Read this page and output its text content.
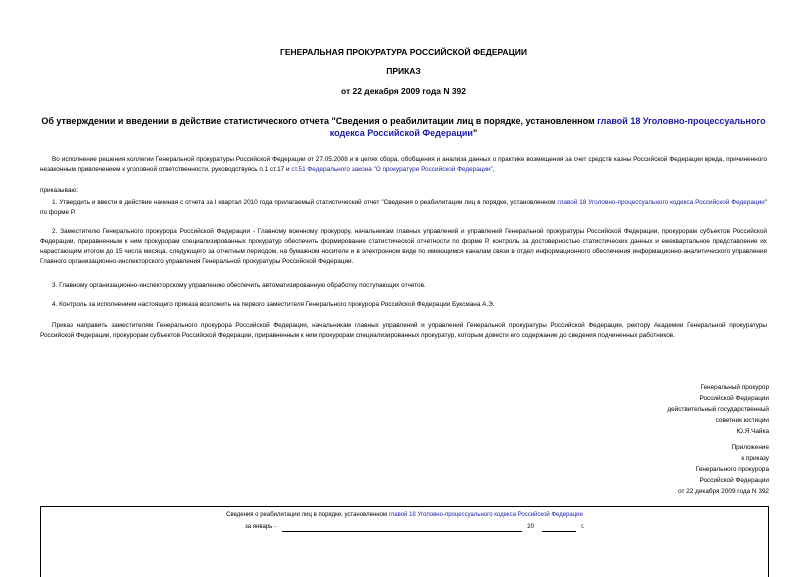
ГЕНЕРАЛЬНАЯ ПРОКУРАТУРА РОССИЙСКОЙ ФЕДЕРАЦИИ
ПРИКАЗ
от 22 декабря 2009 года N 392
Об утверждении и введении в действие статистического отчета "Сведения о реабилитации лиц в порядке, установленном главой 18 Уголовно-процессуального кодекса Российской Федерации"
Во исполнение решения коллегии Генеральной прокуратуры Российской Федерации от 27.05.2008 и в целях сбора, обобщения и анализа данных о практике возмещения за счет средств казны Российской Федерации вреда, причиненного незаконным привлечением к уголовной ответственности, руководствуясь п.1 ст.17 и ст.51 Федерального закона "О прокуратуре Российской Федерации",
приказываю:
1. Утвердить и ввести в действие начиная с отчета за I квартал 2010 года прилагаемый статистический отчет "Сведения о реабилитации лиц в порядке, установленном главой 18 Уголовно-процессуального кодекса Российской Федерации" по форме Р.
2. Заместителю Генерального прокурора Российской Федерации - Главному военному прокурору, начальникам главных управлений и управлений Генеральной прокуратуры Российской Федерации, прокурорам субъектов Российской Федерации, приравненным к ним прокурорам специализированных прокуратур обеспечить формирование статистической отчетности по форме Р, контроль за достоверностью статистических данных и ежеквартальное представление их нарастающим итогом до 15 числа месяца, следующего за отчетным периодом, на бумажном носителе и в электронном виде по имеющимся каналам связи в отдел информационного обеспечения информационно-аналитического управления Главного организационно-инспекторского управления Генеральной прокуратуры Российской Федерации.
3. Главному организационно-инспекторскому управлению обеспечить автоматизированную обработку поступающих отчетов.
4. Контроль за исполнением настоящего приказа возложить на первого заместителя Генерального прокурора Российской Федерации Буксмана А.Э.
Приказ направить заместителям Генерального прокурора Российской Федерации, начальникам главных управлений и управлений Генеральной прокуратуры Российской Федерации, ректору Академии Генеральной прокуратуры Российской Федерации, прокурорам субъектов Российской Федерации, приравненным к ним прокурорам специализированных прокуратур, которым довести его содержание до сведения подчиненных работников.
Генеральный прокурор
Российской Федерации
действительный государственный
советник юстиции
Ю.Я.Чайка
Приложение
к приказу
Генерального прокурора
Российской Федерации
от 22 декабря 2009 года N 392
Сведения о реабилитации лиц в порядке, установленном главой 18 Уголовно-процессуального кодекса Российской Федерации
за январь -	20	г.
